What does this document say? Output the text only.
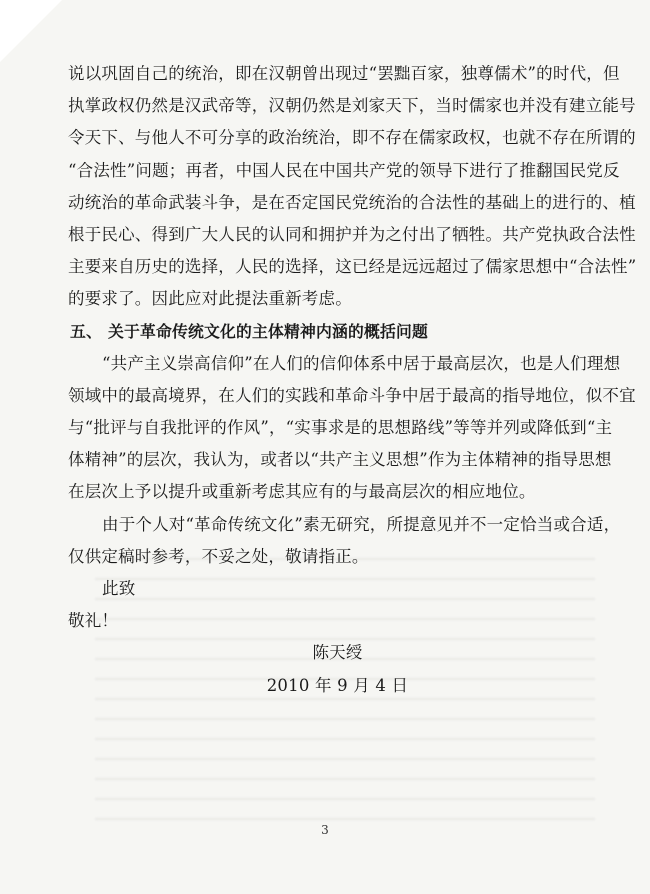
说以巩固自己的统治，即在汉朝曾出现过“罢黜百家，独尊儒术”的时代，但
执掌政权仍然是汉武帝等，汉朝仍然是刘家天下，当时儒家也并没有建立能号
令天下、与他人不可分享的政治统治，即不存在儒家政权，也就不存在所谓的
“合法性”问题；再者，中国人民在中国共产党的领导下进行了推翻国民党反
动统治的革命武装斗争，是在否定国民党统治的合法性的基础上的进行的、植
根于民心、得到广大人民的认同和拥护并为之付出了牺牲。共产党执政合法性
主要来自历史的选择，人民的选择，这已经是远远超过了儒家思想中“合法性”
的要求了。因此应对此提法重新考虑。
五、 关于革命传统文化的主体精神内涵的概括问题
“共产主义崇高信仰”在人们的信仰体系中居于最高层次，也是人们理想
领域中的最高境界，在人们的实践和革命斗争中居于最高的指导地位，似不宜
与“批评与自我批评的作风”，“实事求是的思想路线”等等并列或降低到“主
体精神”的层次，我认为，或者以“共产主义思想”作为主体精神的指导思想
在层次上予以提升或重新考虑其应有的与最高层次的相应地位。
由于个人对“革命传统文化”素无研究，所提意见并不一定恰当或合适，
仅供定稿时参考，不妥之处，敬请指正。
此致
敬礼！
陈天绶
2010 年 9 月 4 日
3
